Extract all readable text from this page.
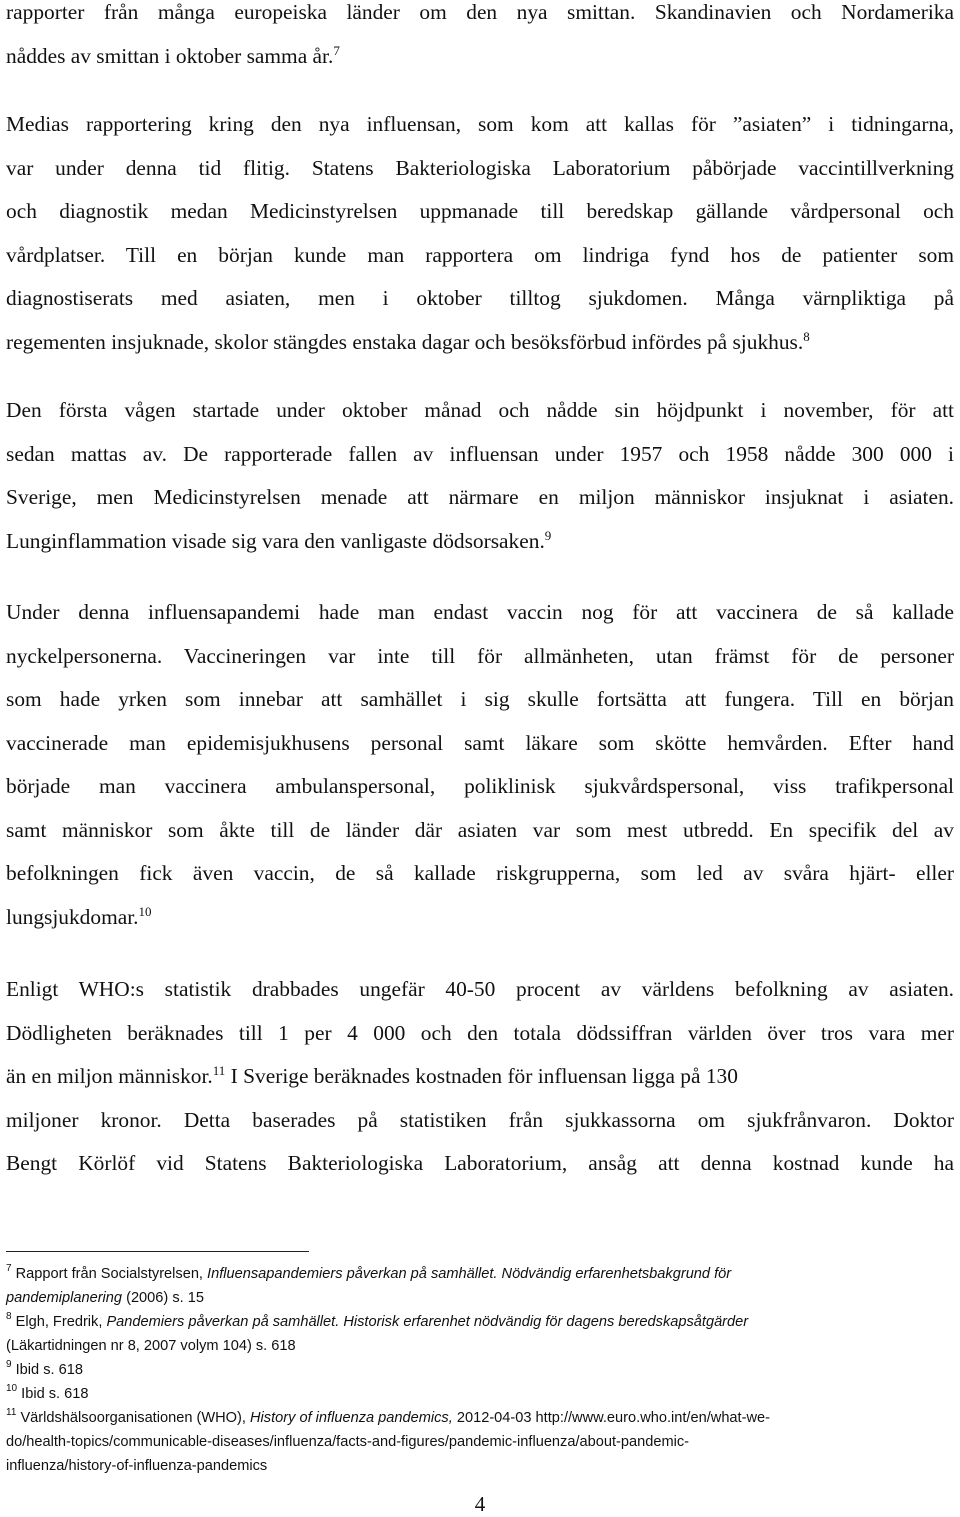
rapporter från många europeiska länder om den nya smittan. Skandinavien och Nordamerika
nåddes av smittan i oktober samma år.$^7$
Medias rapportering kring den nya influensan, som kom att kallas för ”asiaten” i tidningarna,
var under denna tid flitig. Statens Bakteriologiska Laboratorium påbörjade vaccintillverkning
och diagnostik medan Medicinstyrelsen uppmanade till beredskap gällande vårdpersonal och
vårdplatser. Till en början kunde man rapportera om lindriga fynd hos de patienter som
diagnostiserats med asiaten, men i oktober tilltog sjukdomen. Många värnpliktiga på
regementen insjuknade, skolor stängdes enstaka dagar och besöksförbud infördes på sjukhus.$^8$
Den första vågen startade under oktober månad och nådde sin höjdpunkt i november, för att
sedan mattas av. De rapporterade fallen av influensan under 1957 och 1958 nådde 300 000 i
Sverige, men Medicinstyrelsen menade att närmare en miljon människor insjuknat i asiaten.
Lunginflammation visade sig vara den vanligaste dödsorsaken.$^9$
Under denna influensapandemi hade man endast vaccin nog för att vaccinera de så kallade
nyckelpersonerna. Vaccineringen var inte till för allmänheten, utan främst för de personer
som hade yrken som innebar att samhället i sig skulle fortsätta att fungera. Till en början
vaccinerade man epidemisjukhusens personal samt läkare som skötte hemvården. Efter hand
började man vaccinera ambulanspersonal, poliklinisk sjukvårdspersonal, viss trafikpersonal
samt människor som åkte till de länder där asiaten var som mest utbredd. En specifik del av
befolkningen fick även vaccin, de så kallade riskgrupperna, som led av svåra hjärt- eller
lungsjukdomar.$^{10}$
Enligt WHO:s statistik drabbades ungefär 40-50 procent av världens befolkning av asiaten.
Dödligheten beräknades till 1 per 4 000 och den totala dödssiffran världen över tros vara mer
än en miljon människor.$^{11}$ I Sverige beräknades kostnaden för influensan ligga på 130
miljoner kronor. Detta baserades på statistiken från sjukkassorna om sjukfrånvaron. Doktor
Bengt Körlöf vid Statens Bakteriologiska Laboratorium, ansåg att denna kostnad kunde ha
$^7$ Rapport från Socialstyrelsen, Influensapandemiers påverkan på samhället. Nödvändig erfarenhetsbakgrund för
pandemiplanering (2006) s. 15
$^8$ Elgh, Fredrik, Pandemiers påverkan på samhället. Historisk erfarenhet nödvändig för dagens beredskapsåtgärder
(Läkartidningen nr 8, 2007 volym 104) s. 618
$^9$ Ibid s. 618
$^{10}$ Ibid s. 618
$^{11}$ Världshälsoorganisationen (WHO), History of influenza pandemics, 2012-04-03 http://www.euro.who.int/en/what-we-
do/health-topics/communicable-diseases/influenza/facts-and-figures/pandemic-influenza/about-pandemic-
influenza/history-of-influenza-pandemics
4
